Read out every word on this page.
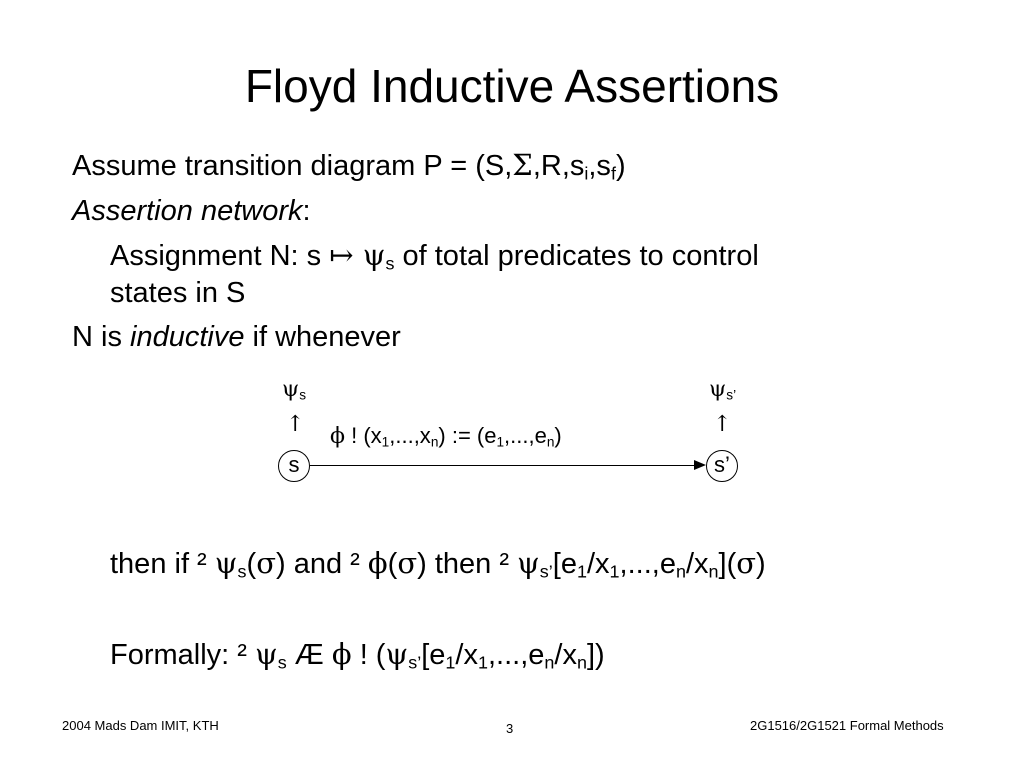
Floyd Inductive Assertions
Assume transition diagram $P = (S,\Sigma,R,s_i,s_f)$
Assertion network:
Assignment N: s ↦ $\psi_s$ of total predicates to control
states in S
N is inductive if whenever
$\psi_s$	$\psi_{s’}$
↑	↑
ϕ ! $(x_1,...,x_n)$ := $(e_1,...,e_n)$
s	s’
then if ² $\psi_s(\sigma)$ and ² ϕ(σ) then ² $\psi_{s’}[e_1/x_1,...,e_n/x_n](\sigma)$
Formally: ² $\psi_s$ Æ ϕ ! $(\psi_{s’}[e_1/x_1,...,e_n/x_n])$
2004 Mads Dam IMIT, KTH	3	2G1516/2G1521 Formal Methods
